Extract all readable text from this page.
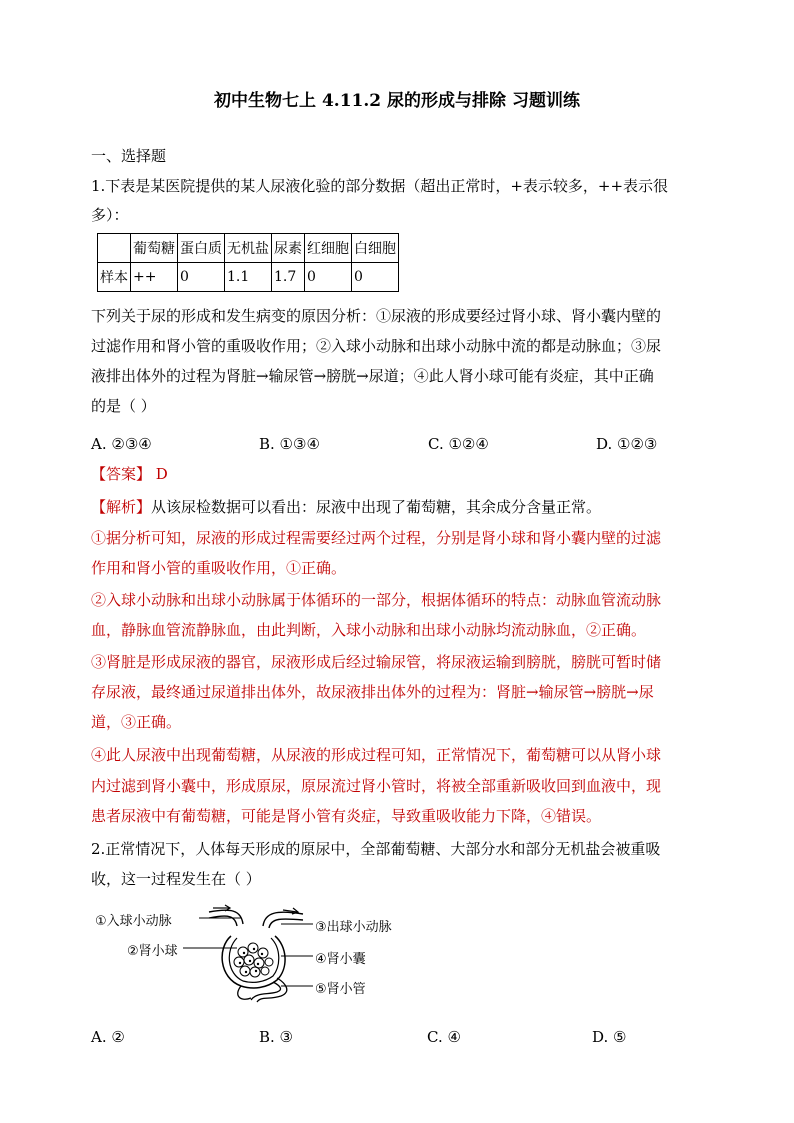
初中生物七上 4.11.2 尿的形成与排除 习题训练
一、选择题
1.下表是某医院提供的某人尿液化验的部分数据（超出正常时，+表示较多，++表示很
多）：
	葡萄糖	蛋白质	无机盐	尿素	红细胞	白细胞
样本	++	0	1.1	1.7	0	0
下列关于尿的形成和发生病变的原因分析：①尿液的形成要经过肾小球、肾小囊内壁的
过滤作用和肾小管的重吸收作用；②入球小动脉和出球小动脉中流的都是动脉血；③尿
液排出体外的过程为肾脏→输尿管→膀胱→尿道；④此人肾小球可能有炎症，其中正确
的是（ ）
A. ②③④	B. ①③④	C. ①②④	D. ①②③
【答案】 D
【解析】从该尿检数据可以看出：尿液中出现了葡萄糖，其余成分含量正常。
①据分析可知，尿液的形成过程需要经过两个过程，分别是肾小球和肾小囊内壁的过滤
作用和肾小管的重吸收作用，①正确。
②入球小动脉和出球小动脉属于体循环的一部分，根据体循环的特点：动脉血管流动脉
血，静脉血管流静脉血，由此判断，入球小动脉和出球小动脉均流动脉血，②正确。
③肾脏是形成尿液的器官，尿液形成后经过输尿管，将尿液运输到膀胱，膀胱可暂时储
存尿液，最终通过尿道排出体外，故尿液排出体外的过程为：肾脏→输尿管→膀胱→尿
道，③正确。
④此人尿液中出现葡萄糖，从尿液的形成过程可知，正常情况下，葡萄糖可以从肾小球
内过滤到肾小囊中，形成原尿，原尿流过肾小管时，将被全部重新吸收回到血液中，现
患者尿液中有葡萄糖，可能是肾小管有炎症，导致重吸收能力下降，④错误。
2.正常情况下，人体每天形成的原尿中，全部葡萄糖、大部分水和部分无机盐会被重吸
收，这一过程发生在（ ）
①入球小动脉
②肾小球
③出球小动脉
④肾小囊
⑤肾小管
A. ②	B. ③	C. ④	D. ⑤
